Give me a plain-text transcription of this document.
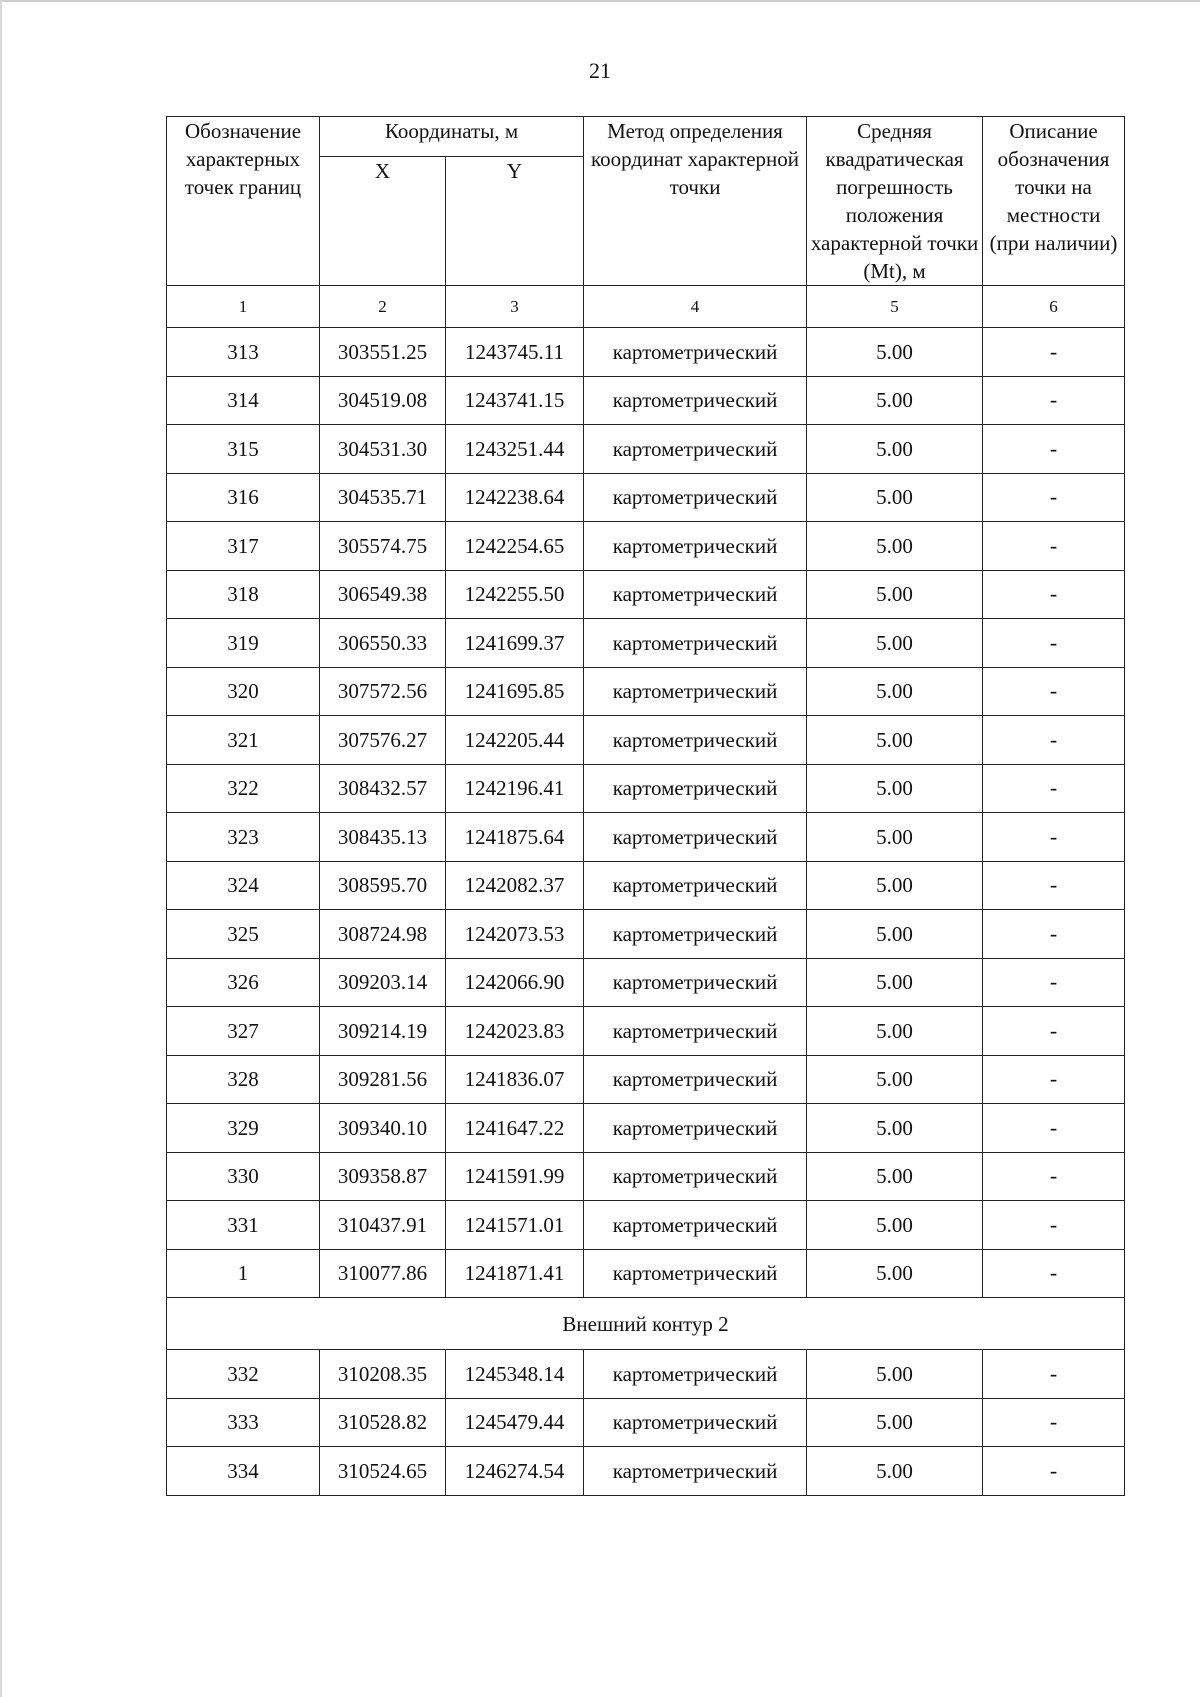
21
Обозначение характерных точек границ	Координаты, м		Метод определения координат характерной точки	Средняя квадратическая погрешность положения характерной точки (Mt), м	Описание обозначения точки на местности (при наличии)
	X	Y			
1	2	3	4	5	6
313	303551.25	1243745.11	картометрический	5.00	-
314	304519.08	1243741.15	картометрический	5.00	-
315	304531.30	1243251.44	картометрический	5.00	-
316	304535.71	1242238.64	картометрический	5.00	-
317	305574.75	1242254.65	картометрический	5.00	-
318	306549.38	1242255.50	картометрический	5.00	-
319	306550.33	1241699.37	картометрический	5.00	-
320	307572.56	1241695.85	картометрический	5.00	-
321	307576.27	1242205.44	картометрический	5.00	-
322	308432.57	1242196.41	картометрический	5.00	-
323	308435.13	1241875.64	картометрический	5.00	-
324	308595.70	1242082.37	картометрический	5.00	-
325	308724.98	1242073.53	картометрический	5.00	-
326	309203.14	1242066.90	картометрический	5.00	-
327	309214.19	1242023.83	картометрический	5.00	-
328	309281.56	1241836.07	картометрический	5.00	-
329	309340.10	1241647.22	картометрический	5.00	-
330	309358.87	1241591.99	картометрический	5.00	-
331	310437.91	1241571.01	картометрический	5.00	-
1	310077.86	1241871.41	картометрический	5.00	-
Внешний контур 2					
332	310208.35	1245348.14	картометрический	5.00	-
333	310528.82	1245479.44	картометрический	5.00	-
334	310524.65	1246274.54	картометрический	5.00	-
